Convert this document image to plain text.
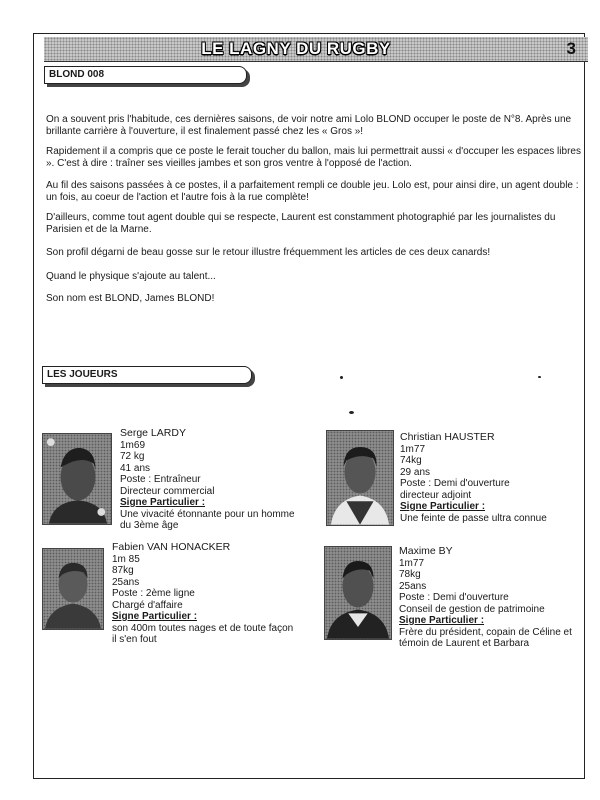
LE LAGNY DU RUGBY	3
BLOND 008

On a souvent pris l'habitude, ces dernières saisons, de voir notre ami Lolo BLOND occuper le poste de N°8. Après une brillante carrière à l'ouverture, il est finalement passé chez les « Gros »!

Rapidement il a compris que ce poste le ferait toucher du ballon, mais lui permettrait aussi « d'occuper les espaces libres ». C'est à dire : traîner ses vieilles jambes et son gros ventre à l'opposé de l'action.

Au fil des saisons passées à ce postes, il a parfaitement rempli ce double jeu. Lolo est, pour ainsi dire, un agent double : un fois, au coeur de l'action et l'autre fois à la rue complète!

D'ailleurs, comme tout agent double qui se respecte, Laurent est constamment photographié par les journalistes du Parisien et de la Marne.

Son profil dégarni de beau gosse sur le retour illustre fréquemment les articles de ces deux canards!

Quand le physique s'ajoute au talent...

Son nom est BLOND, James BLOND!

LES JOUEURS
Serge LARDY
1m69
72 kg
41 ans
Poste : Entraîneur
Directeur commercial
Signe Particulier :
Une vivacité étonnante pour un homme
du 3ème âge
Christian HAUSTER
1m77
74kg
29 ans
Poste : Demi d'ouverture
directeur adjoint
Signe Particulier :
Une feinte de passe ultra connue
Fabien VAN HONACKER
1m 85
87kg
25ans
Poste : 2ème ligne
Chargé d'affaire
Signe Particulier :
son 400m toutes nages et de toute façon
il s'en fout
Maxime BY
1m77
78kg
25ans
Poste : Demi d'ouverture
Conseil de gestion de patrimoine
Signe Particulier :
Frère du président, copain de Céline et
témoin de Laurent et Barbara
